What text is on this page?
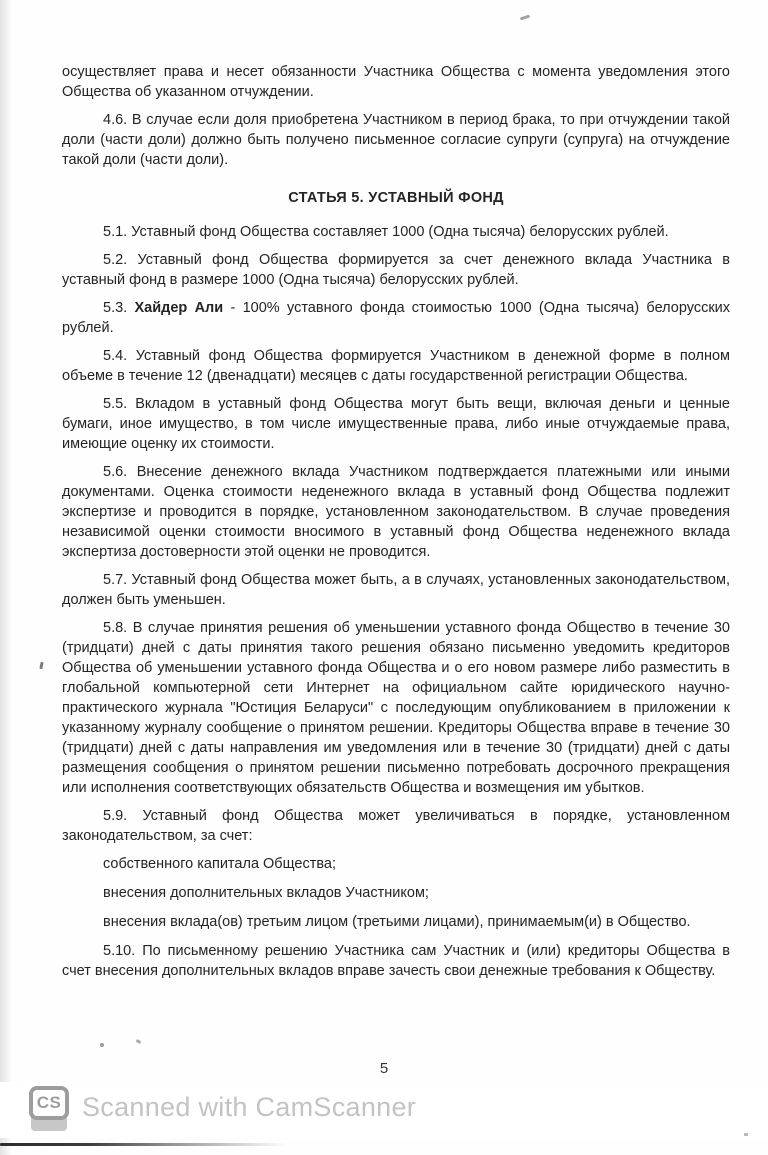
осуществляет права и несет обязанности Участника Общества с момента уведомления этого Общества об указанном отчуждении.

4.6. В случае если доля приобретена Участником в период брака, то при отчуждении такой доли (части доли) должно быть получено письменное согласие супруги (супруга) на отчуждение такой доли (части доли).

СТАТЬЯ 5. УСТАВНЫЙ ФОНД

5.1. Уставный фонд Общества составляет 1000 (Одна тысяча) белорусских рублей.

5.2. Уставный фонд Общества формируется за счет денежного вклада Участника в уставный фонд в размере 1000 (Одна тысяча) белорусских рублей.

5.3. Хайдер Али - 100% уставного фонда стоимостью 1000 (Одна тысяча) белорусских рублей.

5.4. Уставный фонд Общества формируется Участником в денежной форме в полном объеме в течение 12 (двенадцати) месяцев с даты государственной регистрации Общества.

5.5. Вкладом в уставный фонд Общества могут быть вещи, включая деньги и ценные бумаги, иное имущество, в том числе имущественные права, либо иные отчуждаемые права, имеющие оценку их стоимости.

5.6. Внесение денежного вклада Участником подтверждается платежными или иными документами. Оценка стоимости неденежного вклада в уставный фонд Общества подлежит экспертизе и проводится в порядке, установленном законодательством. В случае проведения независимой оценки стоимости вносимого в уставный фонд Общества неденежного вклада экспертиза достоверности этой оценки не проводится.

5.7. Уставный фонд Общества может быть, а в случаях, установленных законодательством, должен быть уменьшен.

5.8. В случае принятия решения об уменьшении уставного фонда Общество в течение 30 (тридцати) дней с даты принятия такого решения обязано письменно уведомить кредиторов Общества об уменьшении уставного фонда Общества и о его новом размере либо разместить в глобальной компьютерной сети Интернет на официальном сайте юридического научно-практического журнала "Юстиция Беларуси" с последующим опубликованием в приложении к указанному журналу сообщение о принятом решении. Кредиторы Общества вправе в течение 30 (тридцати) дней с даты направления им уведомления или в течение 30 (тридцати) дней с даты размещения сообщения о принятом решении письменно потребовать досрочного прекращения или исполнения соответствующих обязательств Общества и возмещения им убытков.

5.9. Уставный фонд Общества может увеличиваться в порядке, установленном законодательством, за счет:

собственного капитала Общества;

внесения дополнительных вкладов Участником;

внесения вклада(ов) третьим лицом (третьими лицами), принимаемым(и) в Общество.

5.10. По письменному решению Участника сам Участник и (или) кредиторы Общества в счет внесения дополнительных вкладов вправе зачесть свои денежные требования к Обществу.

5
CS Scanned with CamScanner
